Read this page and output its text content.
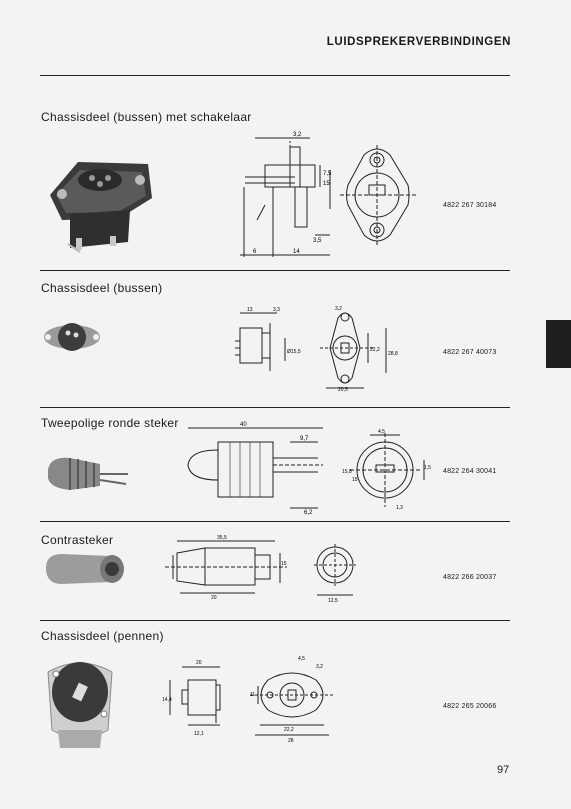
LUIDSPREKERVERBINDINGEN
Chassisdeel (bussen) met schakelaar
3,2
15
7,5
3,5
6	14
4822 267 30184
Chassisdeel (bussen)
13	3,3
Ø15,5
3,2
22,2
28,8
20,5
4822 267 40073
Tweepolige ronde steker	40
9,7
6,2
4,5
15,8
15
1,5
1,3
4822 264 30041
Contrasteker	35,5
15
20	12,5
4822 266 20037
Chassisdeel (pennen)
20
14,4
12,1
4,5
3,2
11
22,2
28
4822 265 20066
97
